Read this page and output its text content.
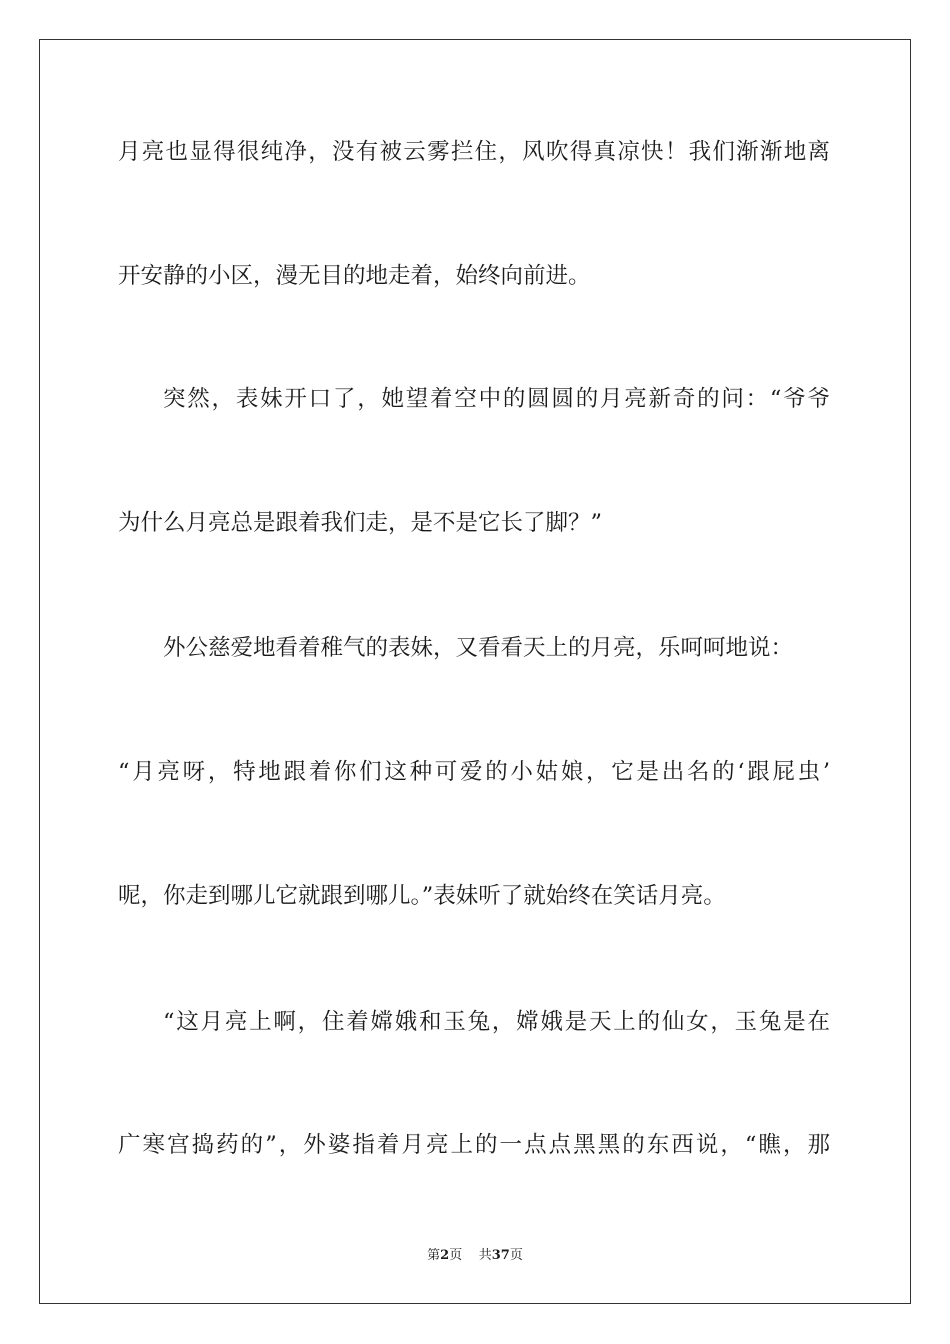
月亮也显得很纯净，没有被云雾拦住，风吹得真凉快！我们渐渐地离
开安静的小区，漫无目的地走着，始终向前进。
突然，表妹开口了，她望着空中的圆圆的月亮新奇的问：“爷爷
为什么月亮总是跟着我们走，是不是它长了脚？”
外公慈爱地看着稚气的表妹，又看看天上的月亮，乐呵呵地说：
“月亮呀，特地跟着你们这种可爱的小姑娘，它是出名的‘跟屁虫’
呢，你走到哪儿它就跟到哪儿。”表妹听了就始终在笑话月亮。
“这月亮上啊，住着嫦娥和玉兔，嫦娥是天上的仙女，玉兔是在
广寒宫捣药的”，外婆指着月亮上的一点点黑黑的东西说，“瞧，那
第2页 共37页
